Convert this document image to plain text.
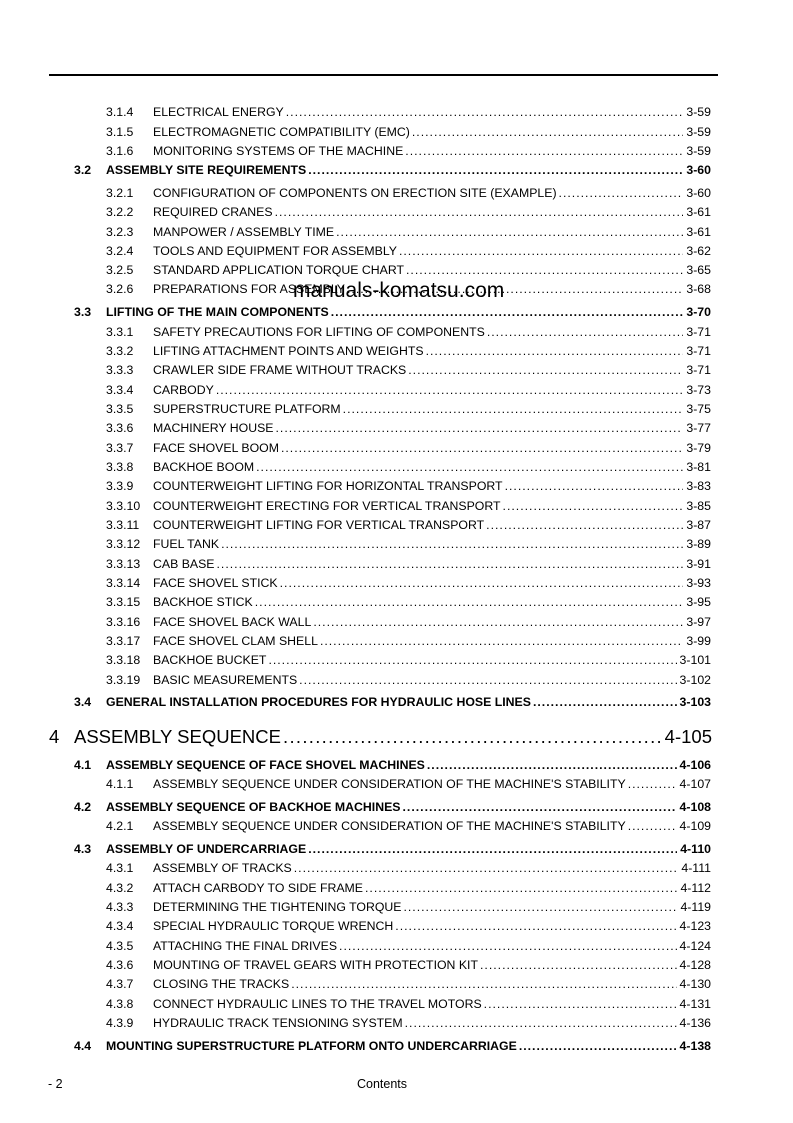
3.1.4 ELECTRICAL ENERGY .....	3-59
3.1.5 ELECTROMAGNETIC COMPATIBILITY (EMC) .....	3-59
3.1.6 MONITORING SYSTEMS OF THE MACHINE .....	3-59
3.2 ASSEMBLY SITE REQUIREMENTS .....	3-60
3.2.1 CONFIGURATION OF COMPONENTS ON ERECTION SITE (EXAMPLE) .....	3-60
3.2.2 REQUIRED CRANES .....	3-61
3.2.3 MANPOWER / ASSEMBLY TIME .....	3-61
3.2.4 TOOLS AND EQUIPMENT FOR ASSEMBLY .....	3-62
3.2.5 STANDARD APPLICATION TORQUE CHART .....	3-65
3.2.6 PREPARATIONS FOR ASSEMBLY .....	3-68
3.3 LIFTING OF THE MAIN COMPONENTS .....	3-70
3.3.1 SAFETY PRECAUTIONS FOR LIFTING OF COMPONENTS .....	3-71
3.3.2 LIFTING ATTACHMENT POINTS AND WEIGHTS .....	3-71
3.3.3 CRAWLER SIDE FRAME WITHOUT TRACKS .....	3-71
3.3.4 CARBODY .....	3-73
3.3.5 SUPERSTRUCTURE PLATFORM .....	3-75
3.3.6 MACHINERY HOUSE .....	3-77
3.3.7 FACE SHOVEL BOOM .....	3-79
3.3.8 BACKHOE BOOM .....	3-81
3.3.9 COUNTERWEIGHT LIFTING FOR HORIZONTAL TRANSPORT .....	3-83
3.3.10 COUNTERWEIGHT ERECTING FOR VERTICAL TRANSPORT .....	3-85
3.3.11 COUNTERWEIGHT LIFTING FOR VERTICAL TRANSPORT .....	3-87
3.3.12 FUEL TANK .....	3-89
3.3.13 CAB BASE .....	3-91
3.3.14 FACE SHOVEL STICK .....	3-93
3.3.15 BACKHOE STICK .....	3-95
3.3.16 FACE SHOVEL BACK WALL .....	3-97
3.3.17 FACE SHOVEL CLAM SHELL .....	3-99
3.3.18 BACKHOE BUCKET .....	3-101
3.3.19 BASIC MEASUREMENTS .....	3-102
3.4 GENERAL INSTALLATION PROCEDURES FOR HYDRAULIC HOSE LINES .....	3-103
4 ASSEMBLY SEQUENCE .....	4-105
4.1 ASSEMBLY SEQUENCE OF FACE SHOVEL MACHINES .....	4-106
4.1.1 ASSEMBLY SEQUENCE UNDER CONSIDERATION OF THE MACHINE'S STABILITY .....	4-107
4.2 ASSEMBLY SEQUENCE OF BACKHOE MACHINES .....	4-108
4.2.1 ASSEMBLY SEQUENCE UNDER CONSIDERATION OF THE MACHINE'S STABILITY .....	4-109
4.3 ASSEMBLY OF UNDERCARRIAGE .....	4-110
4.3.1 ASSEMBLY OF TRACKS .....	4-111
4.3.2 ATTACH CARBODY TO SIDE FRAME .....	4-112
4.3.3 DETERMINING THE TIGHTENING TORQUE .....	4-119
4.3.4 SPECIAL HYDRAULIC TORQUE WRENCH .....	4-123
4.3.5 ATTACHING THE FINAL DRIVES .....	4-124
4.3.6 MOUNTING OF TRAVEL GEARS WITH PROTECTION KIT .....	4-128
4.3.7 CLOSING THE TRACKS .....	4-130
4.3.8 CONNECT HYDRAULIC LINES TO THE TRAVEL MOTORS .....	4-131
4.3.9 HYDRAULIC TRACK TENSIONING SYSTEM .....	4-136
4.4 MOUNTING SUPERSTRUCTURE PLATFORM ONTO UNDERCARRIAGE .....	4-138
manuals-komatsu.com
- 2	Contents
